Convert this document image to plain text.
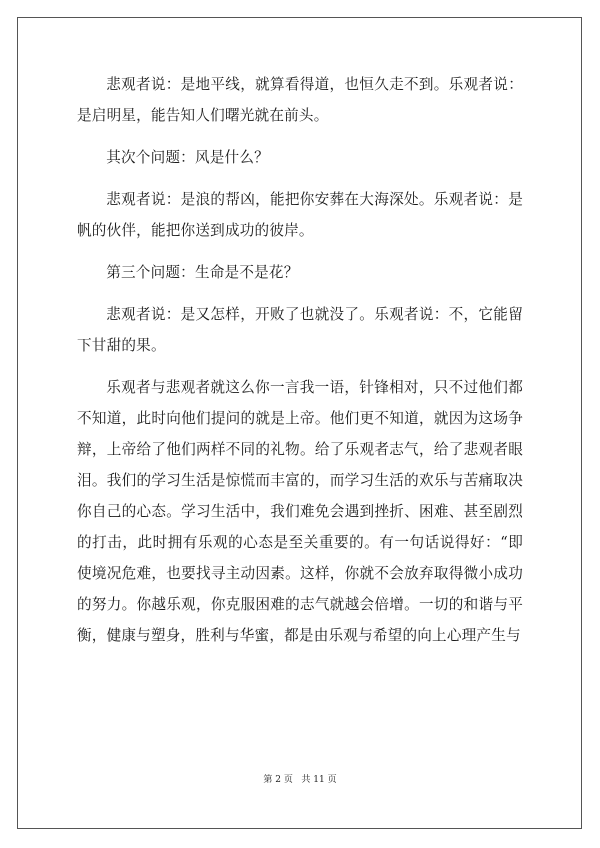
悲观者说：是地平线，就算看得道，也恒久走不到。乐观者说：是启明星，能告知人们曙光就在前头。

其次个问题：风是什么？

悲观者说：是浪的帮凶，能把你安葬在大海深处。乐观者说：是帆的伙伴，能把你送到成功的彼岸。

第三个问题：生命是不是花？

悲观者说：是又怎样，开败了也就没了。乐观者说：不，它能留下甘甜的果。

乐观者与悲观者就这么你一言我一语，针锋相对，只不过他们都不知道，此时向他们提问的就是上帝。他们更不知道，就因为这场争辩，上帝给了他们两样不同的礼物。给了乐观者志气，给了悲观者眼泪。我们的学习生活是惊慌而丰富的，而学习生活的欢乐与苦痛取决你自己的心态。学习生活中，我们难免会遇到挫折、困难、甚至剧烈的打击，此时拥有乐观的心态是至关重要的。有一句话说得好：“即使境况危难，也要找寻主动因素。这样，你就不会放弃取得微小成功的努力。你越乐观，你克服困难的志气就越会倍增。一切的和谐与平衡，健康与塑身，胜利与华蜜，都是由乐观与希望的向上心理产生与

第 2 页 共 11 页
